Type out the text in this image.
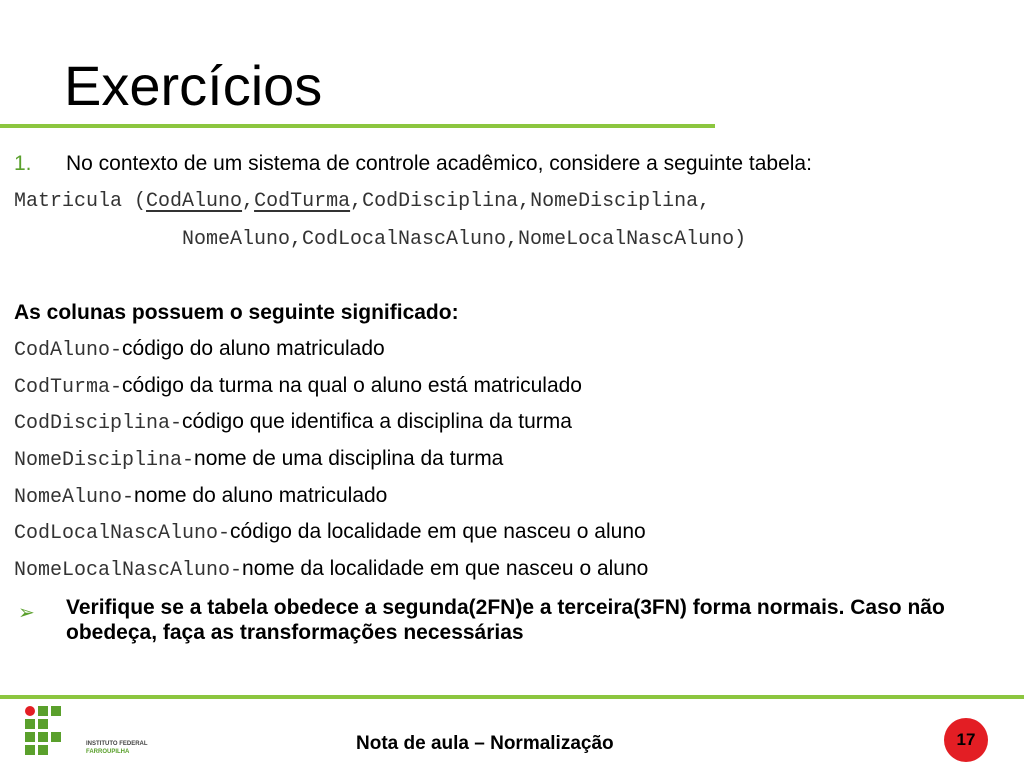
Exercícios
1. No contexto de um sistema de controle acadêmico, considere a seguinte tabela:
Matricula (CodAluno,CodTurma,CodDisciplina,NomeDisciplina,
NomeAluno,CodLocalNascAluno,NomeLocalNascAluno)
As colunas possuem o seguinte significado:
CodAluno-código do aluno matriculado
CodTurma-código da turma na qual o aluno está matriculado
CodDisciplina-código que identifica a disciplina da turma
NomeDisciplina-nome de uma disciplina da turma
NomeAluno-nome do aluno matriculado
CodLocalNascAluno-código da localidade em que nasceu o aluno
NomeLocalNascAluno-nome da localidade em que nasceu o aluno
➢ Verifique se a tabela obedece a segunda(2FN)e a terceira(3FN) forma normais. Caso não obedeça, faça as transformações necessárias
INSTITUTO FEDERAL
FARROUPILHA	Nota de aula – Normalização	17
